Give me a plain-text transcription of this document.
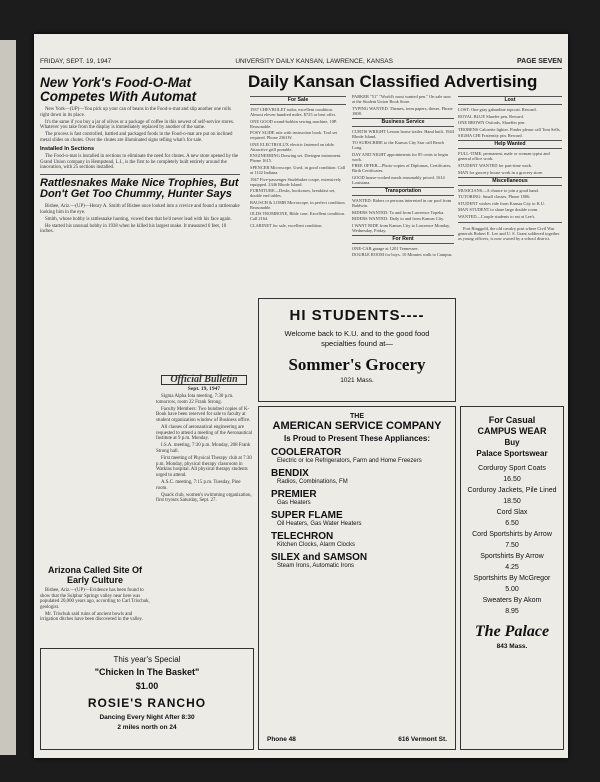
FRIDAY, SEPT. 19, 1947	UNIVERSITY DAILY KANSAN, LAWRENCE, KANSAS	PAGE SEVEN
New York's Food-O-Mat Competes With Automat

New York—(UP)—You pick up your can of beans in the Food-o-mat and slip another one rolls right down in its place.

It's the same if you buy a jar of olives or a package of coffee in this newest of self-service stores. Whatever you take from the display is immediately replaced by another of the same.

The process is fast controlled, battled and packaged foods in the Food-o-mat are put on inclined metal slides on chutes. Over the chutes are illuminated signs telling what's for sale.

Installed In Sections

The Food-o-mat is installed in sections to eliminate the need for chutes. A new store opened by the Grand Union company in Hempstead, L.I., is the first to be completely built entirely around the innovation, with 25 sections installed.

Rattlesnakes Make Nice Trophies, But Don't Get Too Chummy, Hunter Says

Bisbee, Ariz.—(UP)—Henry A. Smith of Bisbee once looked into a crevice and found a rattlesnake looking him in the eye.

Smith, whose hobby is rattlesnake hunting, vowed then that he'd never lead with his face again.

He started his unusual hobby in 1938 when he killed his largest snake. It measured 6 feet, 10 inches.

Arizona Called Site Of Early Culture

Bisbee, Ariz.—(UP)—Evidence has been found to show that the Sulphur Springs valley near here was populated 20,000 years ago, according to Carl Trischuk, geologist.

Mr. Trischuk said ruins of ancient bowls and irrigation ditches have been discovered in the valley.

Official Bulletin
Sept. 19, 1947

Sigma Alpha Iota meeting, 7:30 p.m. tomorrow, room 22 Frank Strong.

Faculty Members: Two hundred copies of K-Book have been reserved for sale to faculty at student organization window of Business office.

All classes of aeronautical engineering are requested to attend a meeting of the Aeronautical Institute at 9 p.m. Monday.

I.S.A. meeting, 7:30 p.m. Monday, 208 Frank Strong hall.

First meeting of Physical Therapy club at 7:30 p.m. Monday, physical therapy classroom in Watkins hospital. All physical therapy students urged to attend.

A.S.C. meeting, 7:15 p.m. Tuesday, Pine room.

Quack club, women's swimming organization, first tryouts Saturday, Sept. 27.

This year's Special
"Chicken In The Basket"
$1.00
ROSIE'S RANCHO
Dancing Every Night After 8:30
2 miles north on 24
Daily Kansan Classified Advertising
For Sale

1937 CHEVROLET tudor, excellent condition. Almost eleven hundred miles. $725 or best offer.

ONE GOOD round-bobbin sewing machine, 10P. Reasonable.

POSY SLIDE rule with instruction book. Tool set required. Phone 2361W.

ONE ELECTROLUX electric fastened on table. Attractive grill portable.

ENGINEERING Drawing set. Dietzgen instrument. Phone 1615.

SPENCER Microscope. Used, in good condition. Call at 1142 Indiana.

1947 Five-passenger Studebaker coupe, extensively equipped. 2346 Rhode Island.

FURNITURE—Desks, bookcases, breakfast set, double end tables.

BAUSCH & LOMB Microscope, in perfect condition. Reasonable.

OLDS TROMBONE, Bible case. Excellent condition. Call 2164.

CLARINET for sale, excellent condition.

PARKER "51" "World's most wanted pen." On sale now at the Student Union Book Store.

TYPING WANTED. Themes, term papers, theses. Phone 1808.

Business Service

CURTIS WRIGHT Lesson house trailer. Hand built. 1944 Rhode Island.

TO SUBSCRIBE to the Kansas City Star call Beach Long.

DAY AND NIGHT appointments for 85 cents to begin work.

FREE OFFER—Photo-copies of Diplomas, Certificates, Birth Certificates.

GOOD house-cooked meals reasonably priced. 1614 Louisiana.

Transportation

WANTED: Riders or persons interested in car pool from Baldwin.

RIDERS WANTED: To and from Lawrence Topeka.

RIDERS WANTED: Daily to and from Kansas City.

I WANT RIDE from Kansas City to Lawrence Monday, Wednesday, Friday.

For Rent

ONE-CAR garage at 1201 Tennessee.

DOUBLE ROOM for boys. 10 Minutes walk to Campus.

Lost

LOST: One gray gabardine topcoat. Reward.

ROYAL BLUE Shaefer pen. Reward.

ONE BROWN Oxfords, Shaeffer pen.

THOBENS Calorette lighter. Finder please call Tom Sells.

SIGMA CHI Fraternity pin. Reward.

Help Wanted

FULL-TIME, permanent, male or woman typist and general office work.

STUDENT WANTED for part-time work.

MAN for grocery house work in a grocery store.

Miscellaneous

MUSICIANS—A chance to join a good band.

TUTORING: Small classes. Phone 1806.

STUDENT wishes ride from Kansas City to K.U.

MAN STUDENT to share large double room.

WANTED—Couple students to eat at Lee's.

Fort Ringgold, the old cavalry post where Civil War generals Robert E. Lee and U. S. Grant soldiered together as young officers, is now owned by a school district.

HI STUDENTS----
Welcome back to K.U. and to the good food specialties found at—
Sommer's Grocery
1021 Mass.
THE
AMERICAN SERVICE COMPANY
Is Proud to Present These Appliances:
COOLERATOR
Electric or Ice Refrigerators, Farm and Home Freezers
BENDIX
Radios, Combinations, FM
PREMIER
Gas Heaters
SUPER FLAME
Oil Heaters, Gas Water Heaters
TELECHRON
Kitchen Clocks, Alarm Clocks
SILEX and SAMSON
Steam Irons, Automatic Irons
Phone 48	616 Vermont St.
For Casual
CAMPUS WEAR
Buy
Palace Sportswear
Corduroy Sport Coats
16.50
Corduroy Jackets, Pile Lined
18.50
Cord Slax
6.50
Cord Sportshirts by Arrow
7.50
Sportshirts By Arrow
4.25
Sportshirts By McGregor
5.00
Sweaters By Akom
8.95
The Palace
843 Mass.
